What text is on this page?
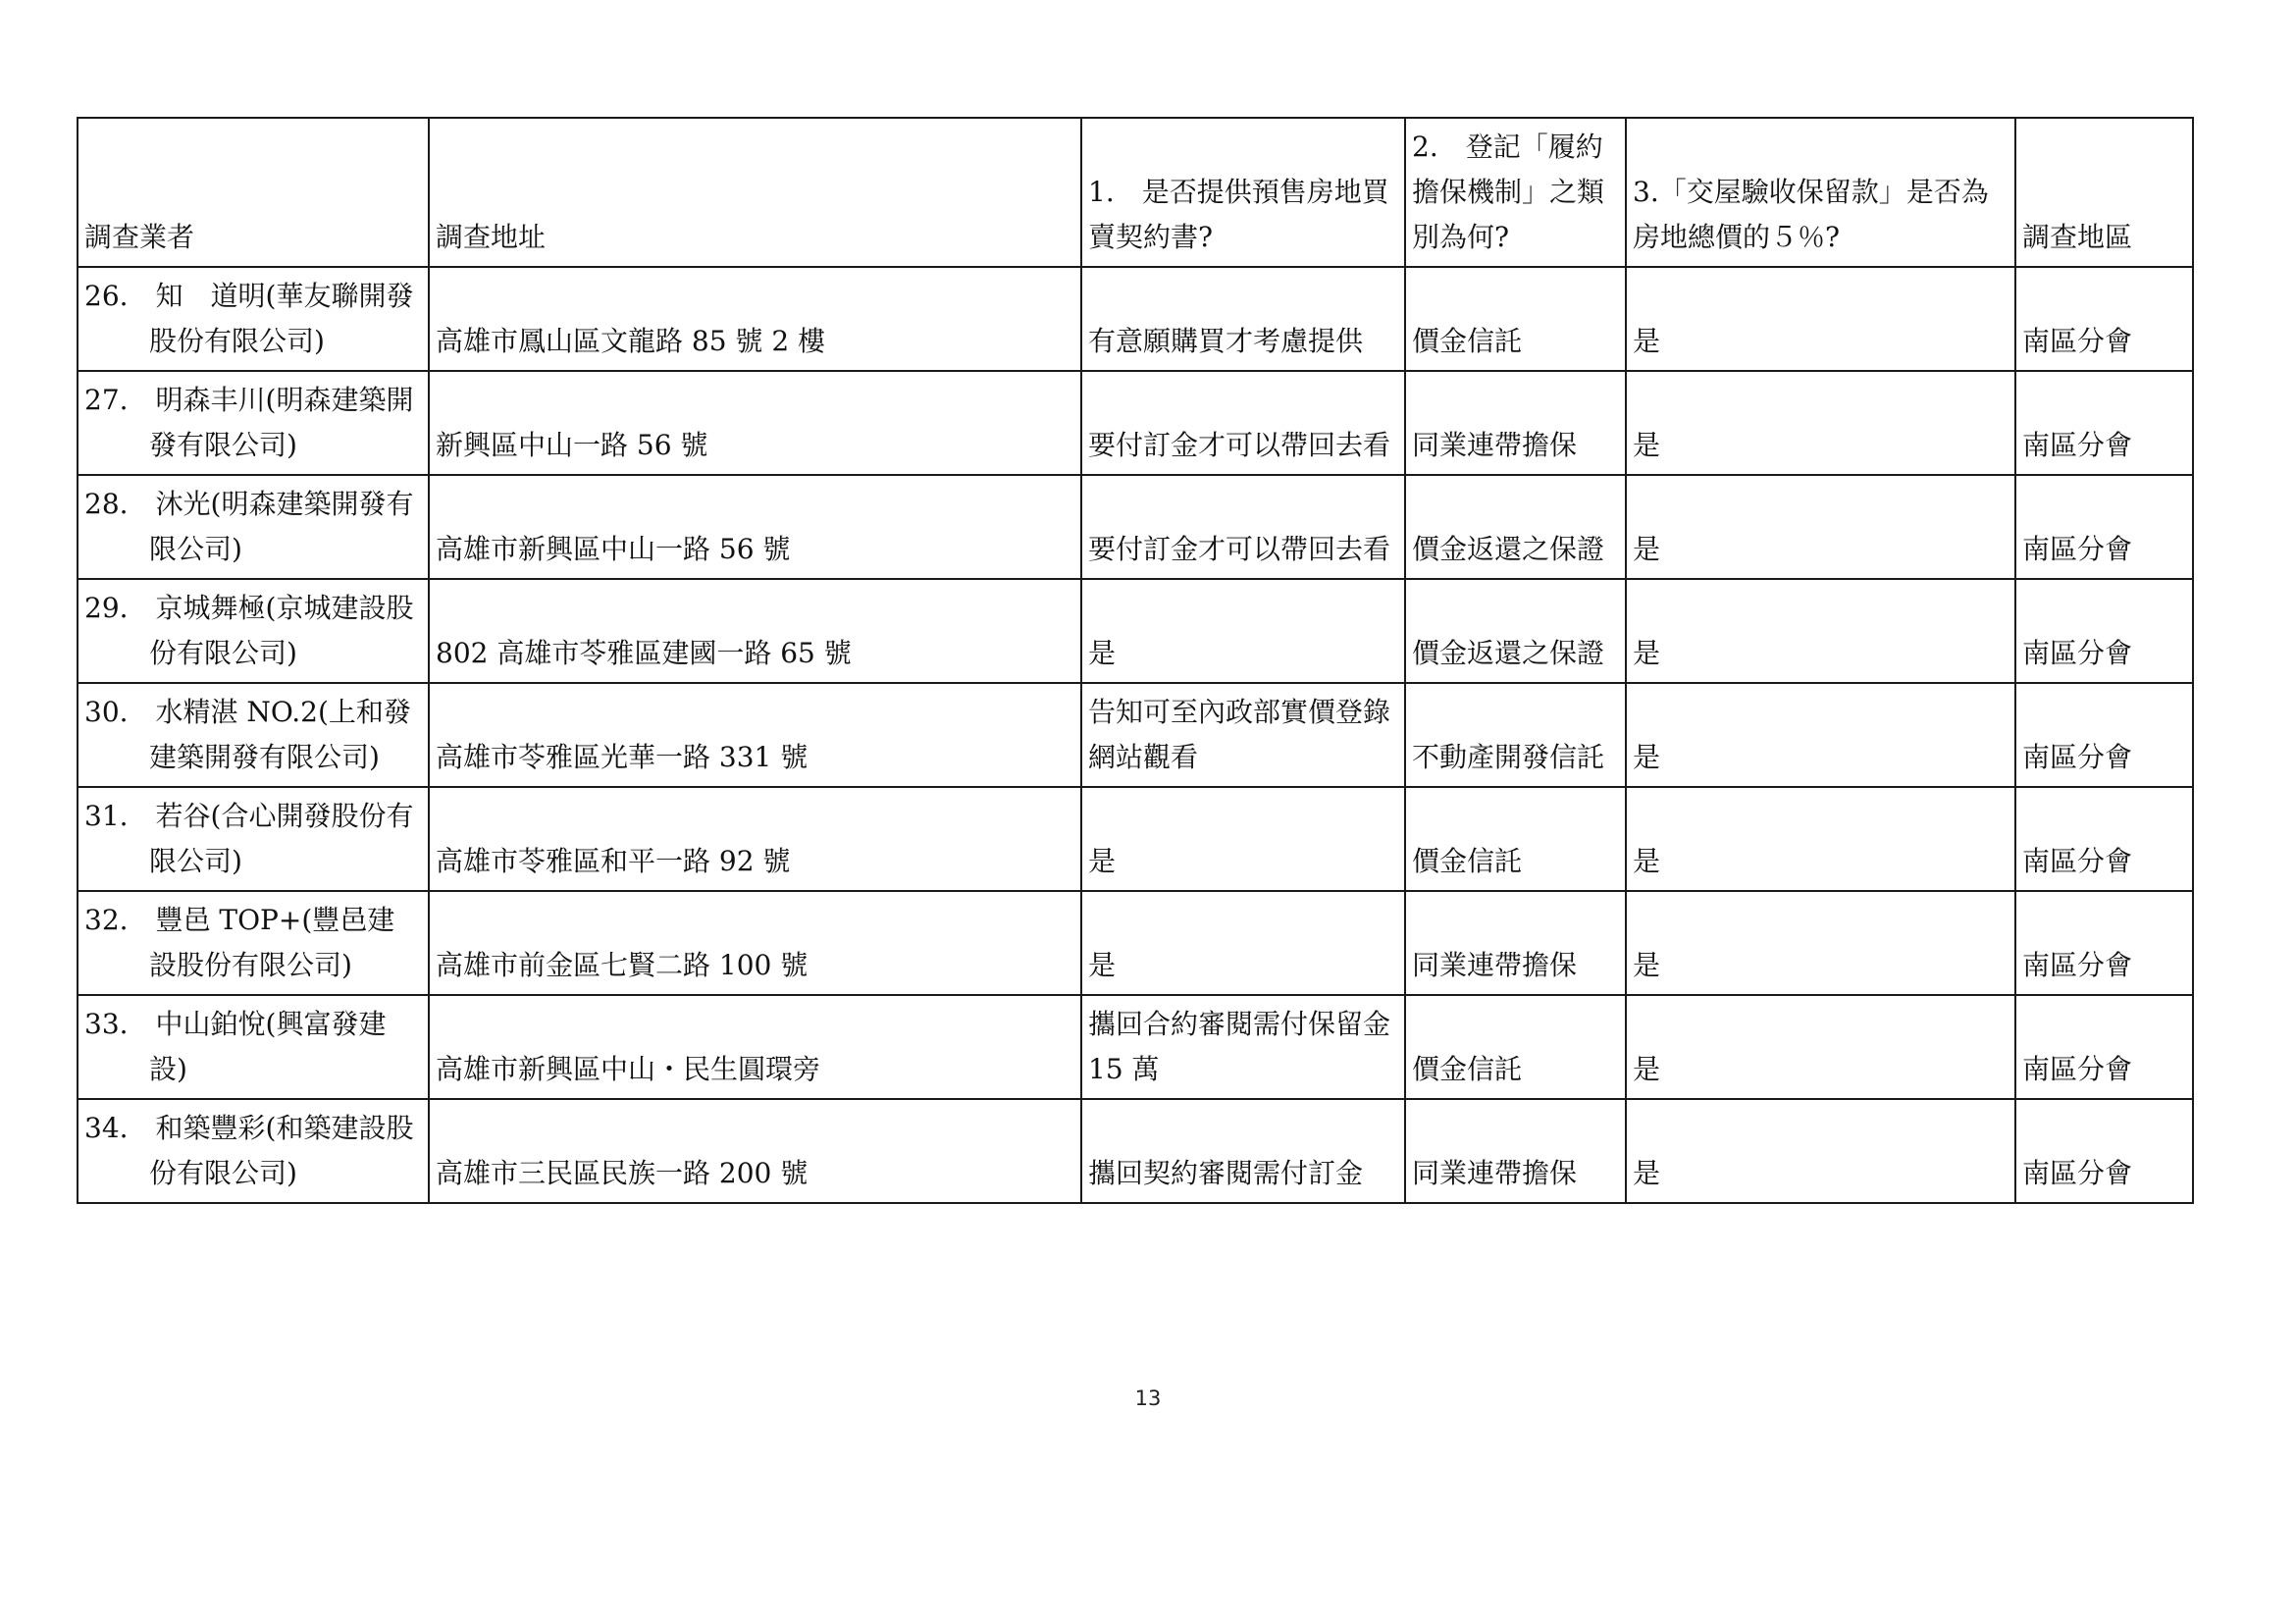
調查業者	調查地址	1.　是否提供預售房地買賣契約書?	2.　登記「履約擔保機制」之類別為何?	3.「交屋驗收保留款」是否為房地總價的５％?	調查地區

26.　知　道明(華友聯開發股份有限公司)	高雄市鳳山區文龍路 85 號 2 樓	有意願購買才考慮提供	價金信託	是	南區分會

27.　明森丰川(明森建築開發有限公司)	新興區中山一路 56 號	要付訂金才可以帶回去看	同業連帶擔保	是	南區分會

28.　沐光(明森建築開發有限公司)	高雄市新興區中山一路 56 號	要付訂金才可以帶回去看	價金返還之保證	是	南區分會

29.　京城舞極(京城建設股份有限公司)	802 高雄市苓雅區建國一路 65 號	是	價金返還之保證	是	南區分會

30.　水精湛 NO.2(上和發建築開發有限公司)	高雄市苓雅區光華一路 331 號	告知可至內政部實價登錄網站觀看	不動產開發信託	是	南區分會

31.　若谷(合心開發股份有限公司)	高雄市苓雅區和平一路 92 號	是	價金信託	是	南區分會

32.　豐邑 TOP+(豐邑建設股份有限公司)	高雄市前金區七賢二路 100 號	是	同業連帶擔保	是	南區分會

33.　中山鉑悅(興富發建設)	高雄市新興區中山・民生圓環旁	攜回合約審閱需付保留金 15 萬	價金信託	是	南區分會

34.　和築豐彩(和築建設股份有限公司)	高雄市三民區民族一路 200 號	攜回契約審閱需付訂金	同業連帶擔保	是	南區分會
13
